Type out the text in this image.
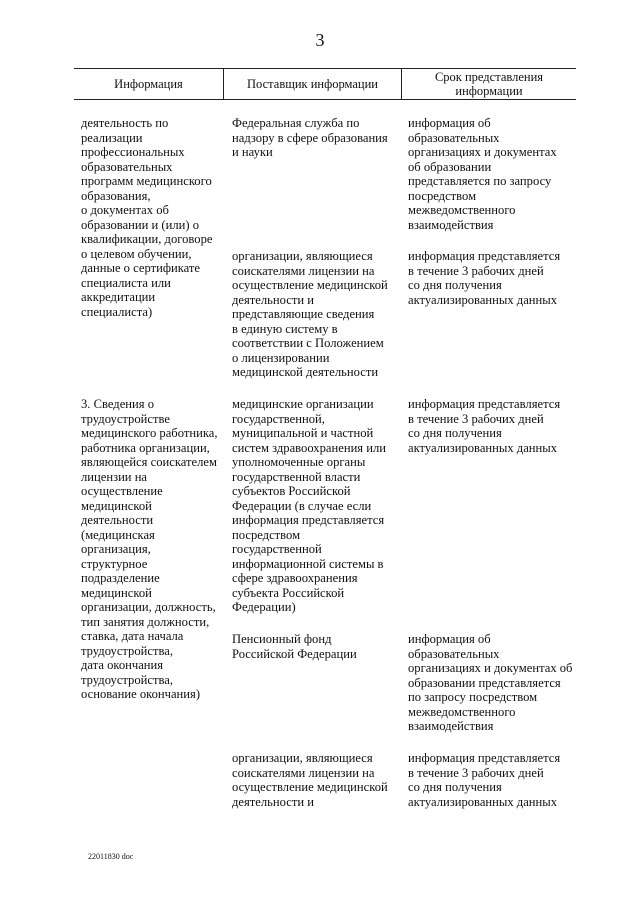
3
Информация	Поставщик информации	Срок представления
информации
деятельность по
реализации
профессиональных
образовательных
программ медицинского
образования,
о документах об
образовании и (или) о
квалификации, договоре
о целевом обучении,
данные о сертификате
специалиста или
аккредитации
специалиста)
Федеральная служба по
надзору в сфере образования
и науки
информация об
образовательных
организациях и документах
об образовании
представляется по запросу
посредством
межведомственного
взаимодействия
организации, являющиеся
соискателями лицензии на
осуществление медицинской
деятельности и
представляющие сведения
в единую систему в
соответствии с Положением
о лицензировании
медицинской деятельности
информация представляется
в течение 3 рабочих дней
со дня получения
актуализированных данных
3. Сведения о
трудоустройстве
медицинского работника,
работника организации,
являющейся соискателем
лицензии на
осуществление
медицинской
деятельности
(медицинская
организация,
структурное
подразделение
медицинской
организации, должность,
тип занятия должности,
ставка, дата начала
трудоустройства,
дата окончания
трудоустройства,
основание окончания)
медицинские организации
государственной,
муниципальной и частной
систем здравоохранения или
уполномоченные органы
государственной власти
субъектов Российской
Федерации (в случае если
информация представляется
посредством
государственной
информационной системы в
сфере здравоохранения
субъекта Российской
Федерации)
информация представляется
в течение 3 рабочих дней
со дня получения
актуализированных данных
Пенсионный фонд
Российской Федерации
информация об
образовательных
организациях и документах об
образовании представляется
по запросу посредством
межведомственного
взаимодействия
организации, являющиеся
соискателями лицензии на
осуществление медицинской
деятельности и
информация представляется
в течение 3 рабочих дней
со дня получения
актуализированных данных
22011830 doc
